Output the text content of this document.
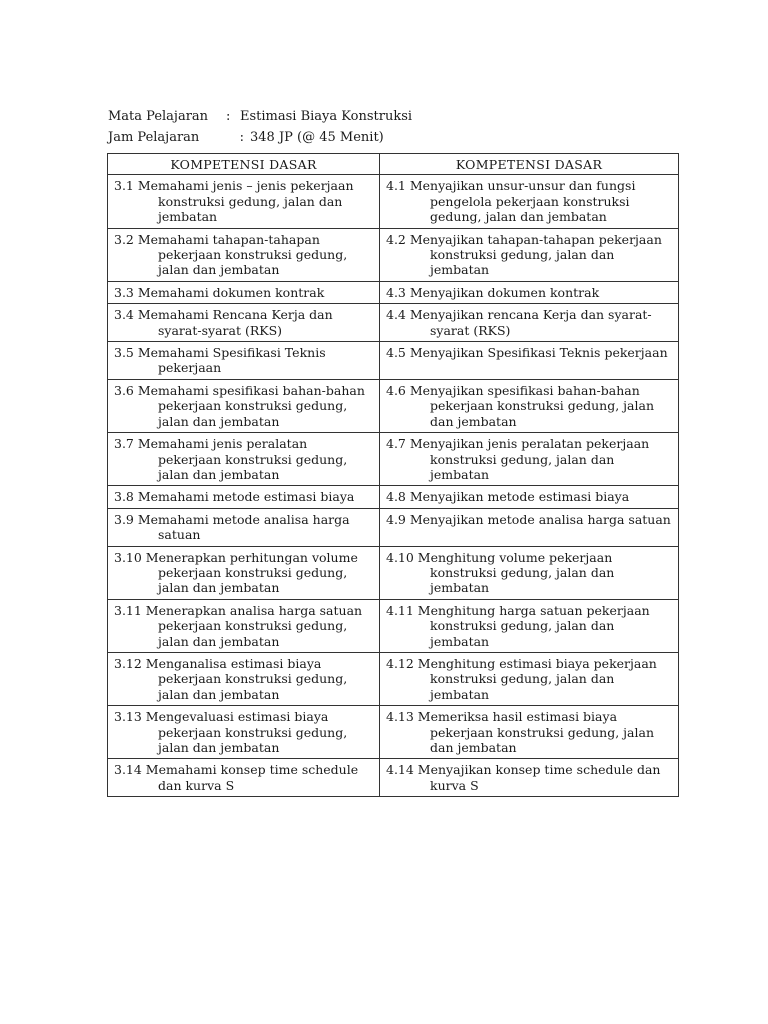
Mata Pelajaran	: Estimasi Biaya Konstruksi
Jam Pelajaran	: 348 JP (@ 45 Menit)
KOMPETENSI DASAR	KOMPETENSI DASAR

3.1 Memahami jenis – jenis pekerjaan konstruksi gedung, jalan dan jembatan	4.1 Menyajikan unsur-unsur dan fungsi pengelola pekerjaan konstruksi gedung, jalan dan jembatan

3.2 Memahami tahapan-tahapan pekerjaan konstruksi gedung, jalan dan jembatan	4.2 Menyajikan tahapan-tahapan pekerjaan konstruksi gedung, jalan dan jembatan

3.3 Memahami dokumen kontrak	4.3 Menyajikan dokumen kontrak

3.4 Memahami Rencana Kerja dan syarat-syarat (RKS)	4.4 Menyajikan rencana Kerja dan syarat-syarat (RKS)

3.5 Memahami Spesifikasi Teknis pekerjaan	4.5 Menyajikan Spesifikasi Teknis pekerjaan

3.6 Memahami spesifikasi bahan-bahan pekerjaan konstruksi gedung, jalan dan jembatan	4.6 Menyajikan spesifikasi bahan-bahan pekerjaan konstruksi gedung, jalan dan jembatan

3.7 Memahami jenis peralatan pekerjaan konstruksi gedung, jalan dan jembatan	4.7 Menyajikan jenis peralatan pekerjaan konstruksi gedung, jalan dan jembatan

3.8 Memahami metode estimasi biaya	4.8 Menyajikan metode estimasi biaya

3.9 Memahami metode analisa harga satuan	4.9 Menyajikan metode analisa harga satuan

3.10 Menerapkan perhitungan volume pekerjaan konstruksi gedung, jalan dan jembatan	4.10 Menghitung volume pekerjaan konstruksi gedung, jalan dan jembatan

3.11 Menerapkan analisa harga satuan pekerjaan konstruksi gedung, jalan dan jembatan	4.11 Menghitung harga satuan pekerjaan konstruksi gedung, jalan dan jembatan

3.12 Menganalisa estimasi biaya pekerjaan konstruksi gedung, jalan dan jembatan	4.12 Menghitung estimasi biaya pekerjaan konstruksi gedung, jalan dan jembatan

3.13 Mengevaluasi estimasi biaya pekerjaan konstruksi gedung, jalan dan jembatan	4.13 Memeriksa hasil estimasi biaya pekerjaan konstruksi gedung, jalan dan jembatan

3.14 Memahami konsep time schedule dan kurva S	4.14 Menyajikan konsep time schedule dan kurva S
